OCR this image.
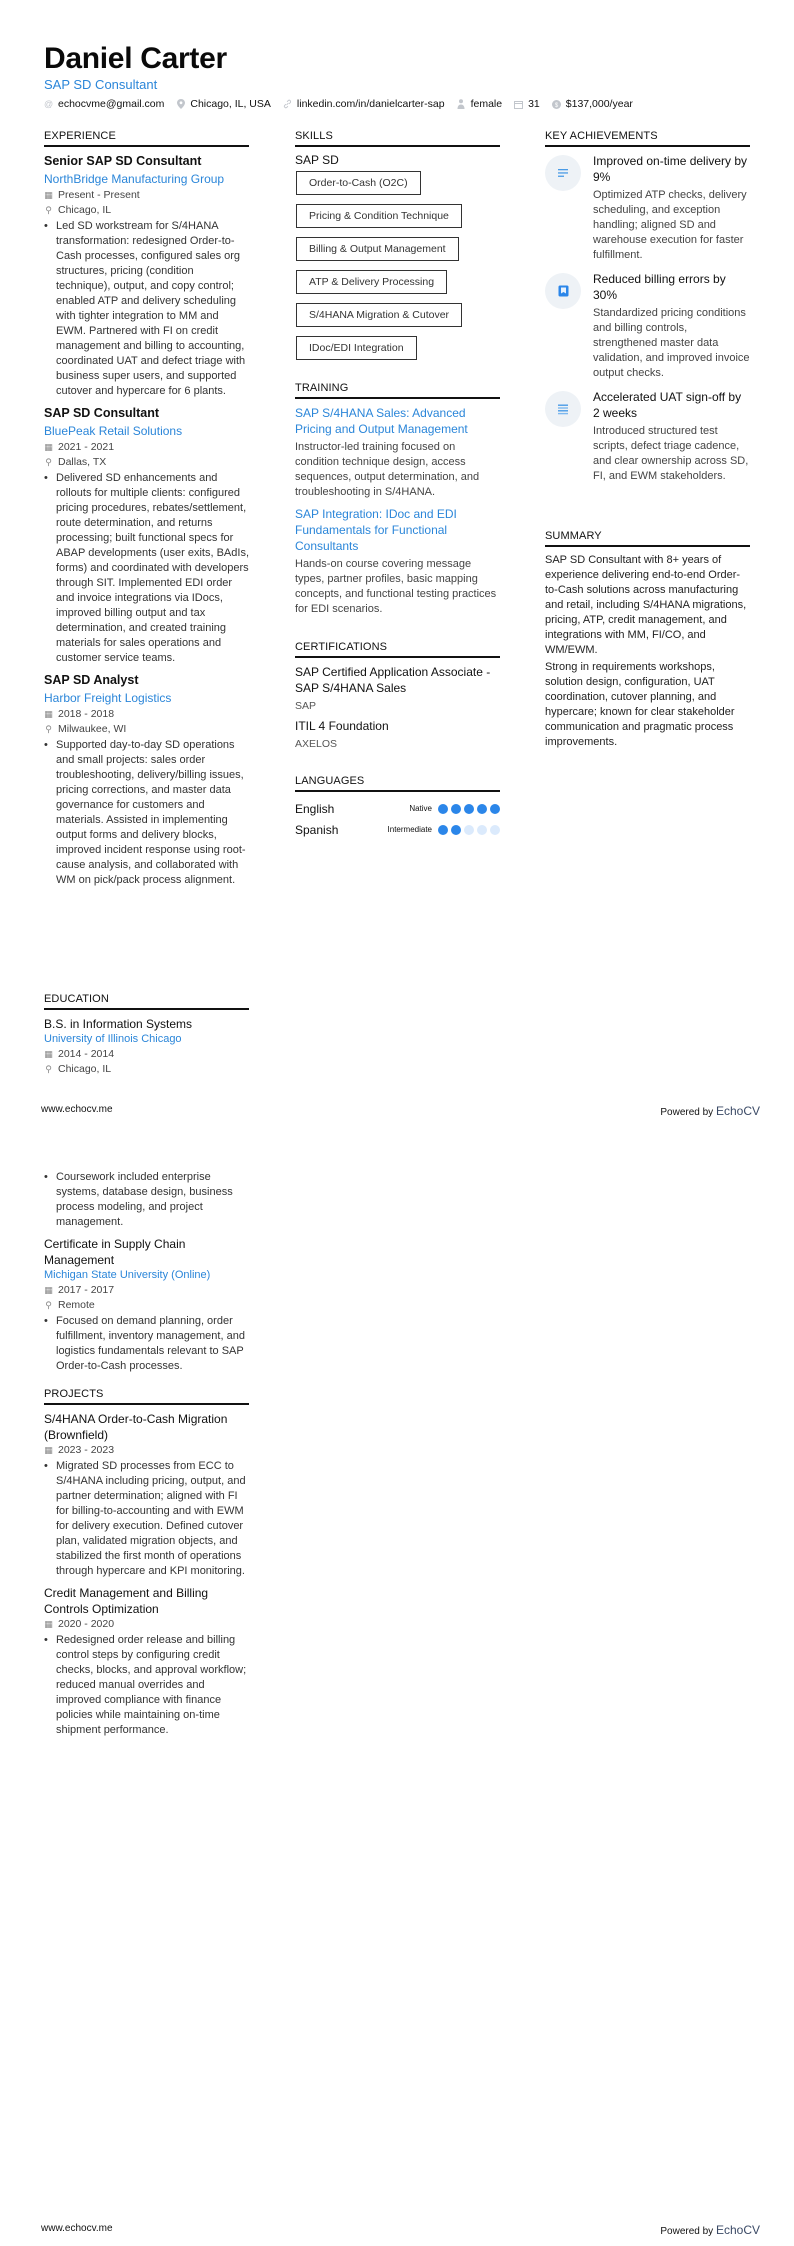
Daniel Carter
SAP SD Consultant
@ echocvme@gmail.com Chicago, IL, USA linkedin.com/in/danielcarter-sap female 31 $ $137,000/year
EXPERIENCE
Senior SAP SD Consultant
NorthBridge Manufacturing Group
▦ Present - Present
⚲ Chicago, IL
• Led SD workstream for S/4HANA transformation: redesigned Order-to-Cash processes, configured sales org structures, pricing (condition technique), output, and copy control; enabled ATP and delivery scheduling with tighter integration to MM and EWM. Partnered with FI on credit management and billing to accounting, coordinated UAT and defect triage with business super users, and supported cutover and hypercare for 6 plants.
SAP SD Consultant
BluePeak Retail Solutions
▦ 2021 - 2021
⚲ Dallas, TX
• Delivered SD enhancements and rollouts for multiple clients: configured pricing procedures, rebates/settlement, route determination, and returns processing; built functional specs for ABAP developments (user exits, BAdIs, forms) and coordinated with developers through SIT. Implemented EDI order and invoice integrations via IDocs, improved billing output and tax determination, and created training materials for sales operations and customer service teams.
SAP SD Analyst
Harbor Freight Logistics
▦ 2018 - 2018
⚲ Milwaukee, WI
• Supported day-to-day SD operations and small projects: sales order troubleshooting, delivery/billing issues, pricing corrections, and master data governance for customers and materials. Assisted in implementing output forms and delivery blocks, improved incident response using root-cause analysis, and collaborated with WM on pick/pack process alignment.
EDUCATION
B.S. in Information Systems
University of Illinois Chicago
▦ 2014 - 2014
⚲ Chicago, IL
SKILLS
SAP SD
Order-to-Cash (O2C)
Pricing & Condition Technique
Billing & Output Management
ATP & Delivery Processing
S/4HANA Migration & Cutover
IDoc/EDI Integration
TRAINING
SAP S/4HANA Sales: Advanced Pricing and Output Management
Instructor-led training focused on condition technique design, access sequences, output determination, and troubleshooting in S/4HANA.
SAP Integration: IDoc and EDI Fundamentals for Functional Consultants
Hands-on course covering message types, partner profiles, basic mapping concepts, and functional testing practices for EDI scenarios.
CERTIFICATIONS
SAP Certified Application Associate - SAP S/4HANA Sales
SAP
ITIL 4 Foundation
AXELOS
LANGUAGES
English	Native
Spanish	Intermediate
KEY ACHIEVEMENTS
Improved on-time delivery by 9%
Optimized ATP checks, delivery scheduling, and exception handling; aligned SD and warehouse execution for faster fulfillment.
Reduced billing errors by 30%
Standardized pricing conditions and billing controls, strengthened master data validation, and improved invoice output checks.
Accelerated UAT sign-off by 2 weeks
Introduced structured test scripts, defect triage cadence, and clear ownership across SD, FI, and EWM stakeholders.
SUMMARY

SAP SD Consultant with 8+ years of experience delivering end-to-end Order-to-Cash solutions across manufacturing and retail, including S/4HANA migrations, pricing, ATP, credit management, and integrations with MM, FI/CO, and WM/EWM.

Strong in requirements workshops, solution design, configuration, UAT coordination, cutover planning, and hypercare; known for clear stakeholder communication and pragmatic process improvements.

www.echocv.me	Powered by EchoCV
• Coursework included enterprise systems, database design, business process modeling, and project management.
Certificate in Supply Chain Management
Michigan State University (Online)
▦ 2017 - 2017
⚲ Remote
• Focused on demand planning, order fulfillment, inventory management, and logistics fundamentals relevant to SAP Order-to-Cash processes.
PROJECTS
S/4HANA Order-to-Cash Migration (Brownfield)
▦ 2023 - 2023
• Migrated SD processes from ECC to S/4HANA including pricing, output, and partner determination; aligned with FI for billing-to-accounting and with EWM for delivery execution. Defined cutover plan, validated migration objects, and stabilized the first month of operations through hypercare and KPI monitoring.
Credit Management and Billing Controls Optimization
▦ 2020 - 2020
• Redesigned order release and billing control steps by configuring credit checks, blocks, and approval workflow; reduced manual overrides and improved compliance with finance policies while maintaining on-time shipment performance.
www.echocv.me	Powered by EchoCV
